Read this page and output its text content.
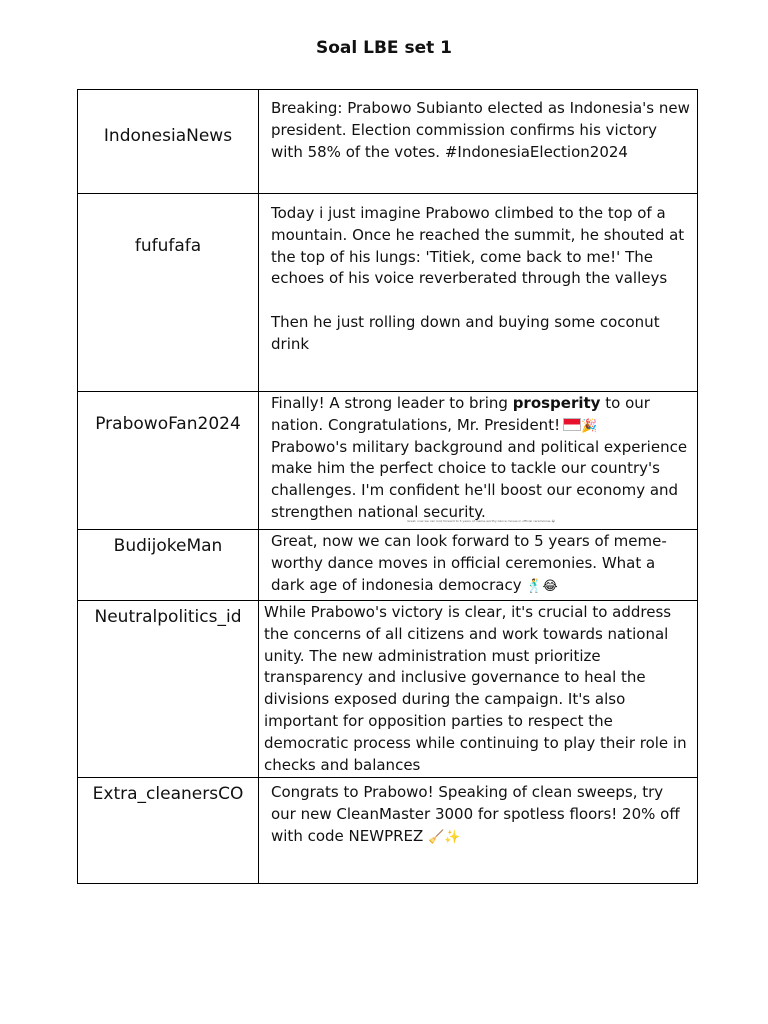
Soal LBE set 1
IndonesiaNews	Breaking: Prabowo Subianto elected as Indonesia's new president. Election commission confirms his victory with 58% of the votes. #IndonesiaElection2024

fufufafa	Today i just imagine Prabowo climbed to the top of a mountain. Once he reached the summit, he shouted at the top of his lungs: 'Titiek, come back to me!' The echoes of his voice reverberated through the valleys

Then he just rolling down and buying some coconut drink

PrabowoFan2024	Finally! A strong leader to bring prosperity to our nation. Congratulations, Mr. President! 🎉
Prabowo's military background and political experience make him the perfect choice to tackle our country's challenges. I'm confident he'll boost our economy and strengthen national security.
Great, now we can look forward to 5 years of meme-worthy dance moves in official ceremonies 😂

BudijokeMan	Great, now we can look forward to 5 years of meme-worthy dance moves in official ceremonies. What a dark age of indonesia democracy 🕺😂

Neutralpolitics_id	While Prabowo's victory is clear, it's crucial to address the concerns of all citizens and work towards national unity. The new administration must prioritize transparency and inclusive governance to heal the divisions exposed during the campaign. It's also important for opposition parties to respect the democratic process while continuing to play their role in checks and balances

Extra_cleanersCO	Congrats to Prabowo! Speaking of clean sweeps, try our new CleanMaster 3000 for spotless floors! 20% off with code NEWPREZ 🧹✨
